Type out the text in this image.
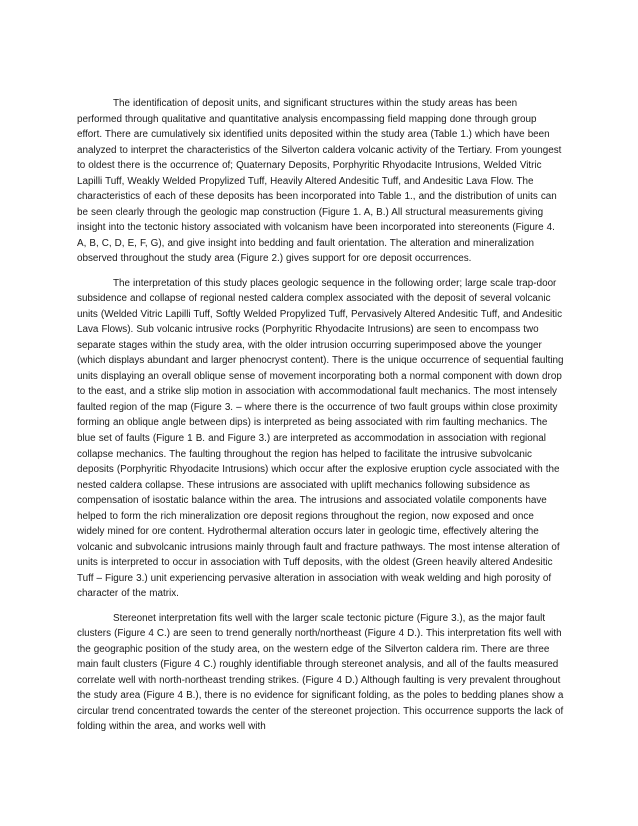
The identification of deposit units, and significant structures within the study areas has been performed through qualitative and quantitative analysis encompassing field mapping done through group effort. There are cumulatively six identified units deposited within the study area (Table 1.) which have been analyzed to interpret the characteristics of the Silverton caldera volcanic activity of the Tertiary. From youngest to oldest there is the occurrence of; Quaternary Deposits, Porphyritic Rhyodacite Intrusions, Welded Vitric Lapilli Tuff, Weakly Welded Propylized Tuff, Heavily Altered Andesitic Tuff, and Andesitic Lava Flow. The characteristics of each of these deposits has been incorporated into Table 1., and the distribution of units can be seen clearly through the geologic map construction (Figure 1. A, B.) All structural measurements giving insight into the tectonic history associated with volcanism have been incorporated into stereonents (Figure 4. A, B, C, D, E, F, G), and give insight into bedding and fault orientation. The alteration and mineralization observed throughout the study area (Figure 2.) gives support for ore deposit occurrences.

The interpretation of this study places geologic sequence in the following order; large scale trap-door subsidence and collapse of regional nested caldera complex associated with the deposit of several volcanic units (Welded Vitric Lapilli Tuff, Softly Welded Propylized Tuff, Pervasively Altered Andesitic Tuff, and Andesitic Lava Flows). Sub volcanic intrusive rocks (Porphyritic Rhyodacite Intrusions) are seen to encompass two separate stages within the study area, with the older intrusion occurring superimposed above the younger (which displays abundant and larger phenocryst content). There is the unique occurrence of sequential faulting units displaying an overall oblique sense of movement incorporating both a normal component with down drop to the east, and a strike slip motion in association with accommodational fault mechanics. The most intensely faulted region of the map (Figure 3. – where there is the occurrence of two fault groups within close proximity forming an oblique angle between dips) is interpreted as being associated with rim faulting mechanics. The blue set of faults (Figure 1 B. and Figure 3.) are interpreted as accommodation in association with regional collapse mechanics. The faulting throughout the region has helped to facilitate the intrusive subvolcanic deposits (Porphyritic Rhyodacite Intrusions) which occur after the explosive eruption cycle associated with the nested caldera collapse. These intrusions are associated with uplift mechanics following subsidence as compensation of isostatic balance within the area. The intrusions and associated volatile components have helped to form the rich mineralization ore deposit regions throughout the region, now exposed and once widely mined for ore content. Hydrothermal alteration occurs later in geologic time, effectively altering the volcanic and subvolcanic intrusions mainly through fault and fracture pathways. The most intense alteration of units is interpreted to occur in association with Tuff deposits, with the oldest (Green heavily altered Andesitic Tuff – Figure 3.) unit experiencing pervasive alteration in association with weak welding and high porosity of character of the matrix.

Stereonet interpretation fits well with the larger scale tectonic picture (Figure 3.), as the major fault clusters (Figure 4 C.) are seen to trend generally north/northeast (Figure 4 D.). This interpretation fits well with the geographic position of the study area, on the western edge of the Silverton caldera rim. There are three main fault clusters (Figure 4 C.) roughly identifiable through stereonet analysis, and all of the faults measured correlate well with north-northeast trending strikes. (Figure 4 D.) Although faulting is very prevalent throughout the study area (Figure 4 B.), there is no evidence for significant folding, as the poles to bedding planes show a circular trend concentrated towards the center of the stereonet projection. This occurrence supports the lack of folding within the area, and works well with
